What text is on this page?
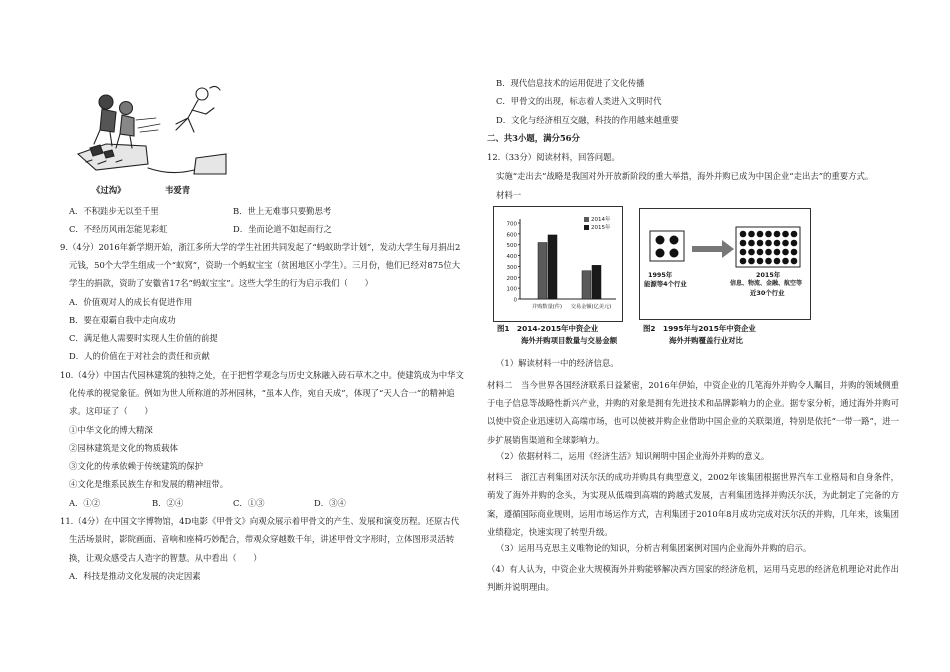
《过沟》	韦爱青
A．不积跬步无以至千里	B．世上无难事只要勤思考
C．不经历风雨怎能见彩虹	D．坐而论道不如起而行之
9.（4分）2016年新学期开始，浙江多所大学的学生社团共同发起了“蚂蚁助学计划”，发动大学生每月捐出2
元钱，50个大学生组成一个“蚁窝”，资助一个蚂蚁宝宝（贫困地区小学生）。三月份，他们已经对875位大
学生的捐款，资助了安徽省17名“蚂蚁宝宝”。这些大学生的行为启示我们（　　）
A．价值观对人的成长有促进作用
B．要在艰霸自我中走向成功
C．满足他人需要时实现人生价值的前提
D．人的价值在于对社会的责任和贡献
10.（4分）中国古代园林建筑的独特之处，在于把哲学观念与历史文脉融入砖石草木之中。使建筑成为中华文
化传承的视觉象征。例如为世人所称道的苏州园林，“虽本人作，宛自天成”，体现了“天人合一”的精神追
求。这印证了（　　）
①中华文化的博大精深
②园林建筑是文化的物质载体
③文化的传承依赖于传统建筑的保护
④文化是维系民族生存和发展的精神纽带。
A．①②	B．②④	C．①③	D．③④
11.（4分）在中国文字博物馆，4D电影《甲骨文》向观众展示着甲骨文的产生、发展和演变历程。还原古代
生活场景时，影院画面、音响和座椅巧妙配合，带观众穿越数千年，讲述甲骨文字形时，立体图形灵活转
换，让观众感受古人造字的智慧。从中看出（　　）
A．科技是推动文化发展的决定因素
B．现代信息技术的运用促进了文化传播
C．甲骨文的出现，标志着人类进入文明时代
D．文化与经济相互交融，科技的作用越来越重要
二、共3小题，满分56分
12.（33分）阅读材料，回答问题。
实施“走出去”战略是我国对外开放新阶段的重大举措，海外并购已成为中国企业“走出去”的重要方式。
材料一
700
600
500
400
300
200
100
0
并购数量(件) 交易金额(亿美元)
2014年
2015年
图1　2014-2015年中资企业
海外并购项目数量与交易金额
1995年
能源等4个行业
2015年
信息、物流、金融、航空等
近30个行业
图2　1995年与2015年中资企业
海外并购覆盖行业对比
（1）解读材料一中的经济信息。
材料二　当今世界各国经济联系日益紧密，2016年伊始，中资企业的几笔海外并购令人瞩目，并购的领域侧重于电子信息等战略性新兴产业，并购的对象是拥有先进技术和品牌影响力的企业。据专家分析，通过海外并购可以使中资企业迅速切入高端市场，也可以使被并购企业借助中国企业的关联渠道，特别是依托“一带一路”，进一步扩展销售渠道和全球影响力。
（2）依据材料二，运用《经济生活》知识阐明中国企业海外并购的意义。
材料三　浙江吉利集团对沃尔沃的成功并购具有典型意义，2002年该集团根据世界汽车工业格局和自身条件，萌发了海外并购的念头，为实现从低端到高端的跨越式发展，吉利集团选择并购沃尔沃，为此制定了完备的方案，遵循国际商业规则，运用市场运作方式，吉利集团于2010年8月成功完成对沃尔沃的并购，几年来，该集团业绩稳定，快速实现了转型升级。
（3）运用马克思主义唯物论的知识，分析吉利集团案例对国内企业海外并购的启示。
（4）有人认为，中资企业大规模海外并购能够解决西方国家的经济危机，运用马克思的经济危机理论对此作出判断并说明理由。
